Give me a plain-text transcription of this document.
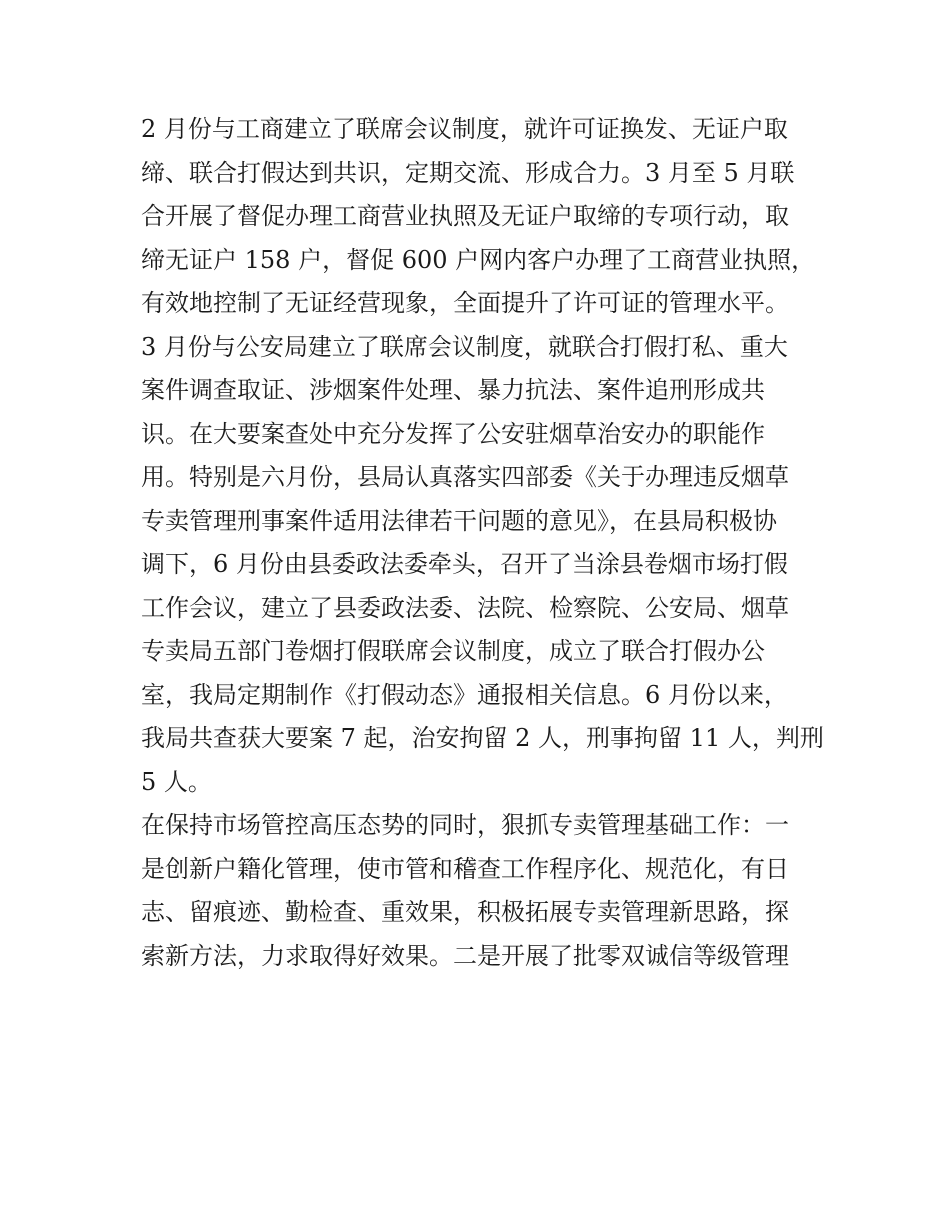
2 月份与工商建立了联席会议制度，就许可证换发、无证户取
缔、联合打假达到共识，定期交流、形成合力。3 月至 5 月联
合开展了督促办理工商营业执照及无证户取缔的专项行动，取
缔无证户 158 户，督促 600 户网内客户办理了工商营业执照，
有效地控制了无证经营现象，全面提升了许可证的管理水平。
3 月份与公安局建立了联席会议制度，就联合打假打私、重大
案件调查取证、涉烟案件处理、暴力抗法、案件追刑形成共
识。在大要案查处中充分发挥了公安驻烟草治安办的职能作
用。特别是六月份，县局认真落实四部委《关于办理违反烟草
专卖管理刑事案件适用法律若干问题的意见》，在县局积极协
调下，6 月份由县委政法委牵头，召开了当涂县卷烟市场打假
工作会议，建立了县委政法委、法院、检察院、公安局、烟草
专卖局五部门卷烟打假联席会议制度，成立了联合打假办公
室，我局定期制作《打假动态》通报相关信息。6 月份以来，
我局共查获大要案 7 起，治安拘留 2 人，刑事拘留 11 人，判刑
5 人。
在保持市场管控高压态势的同时，狠抓专卖管理基础工作：一
是创新户籍化管理，使市管和稽查工作程序化、规范化，有日
志、留痕迹、勤检查、重效果，积极拓展专卖管理新思路，探
索新方法，力求取得好效果。二是开展了批零双诚信等级管理
